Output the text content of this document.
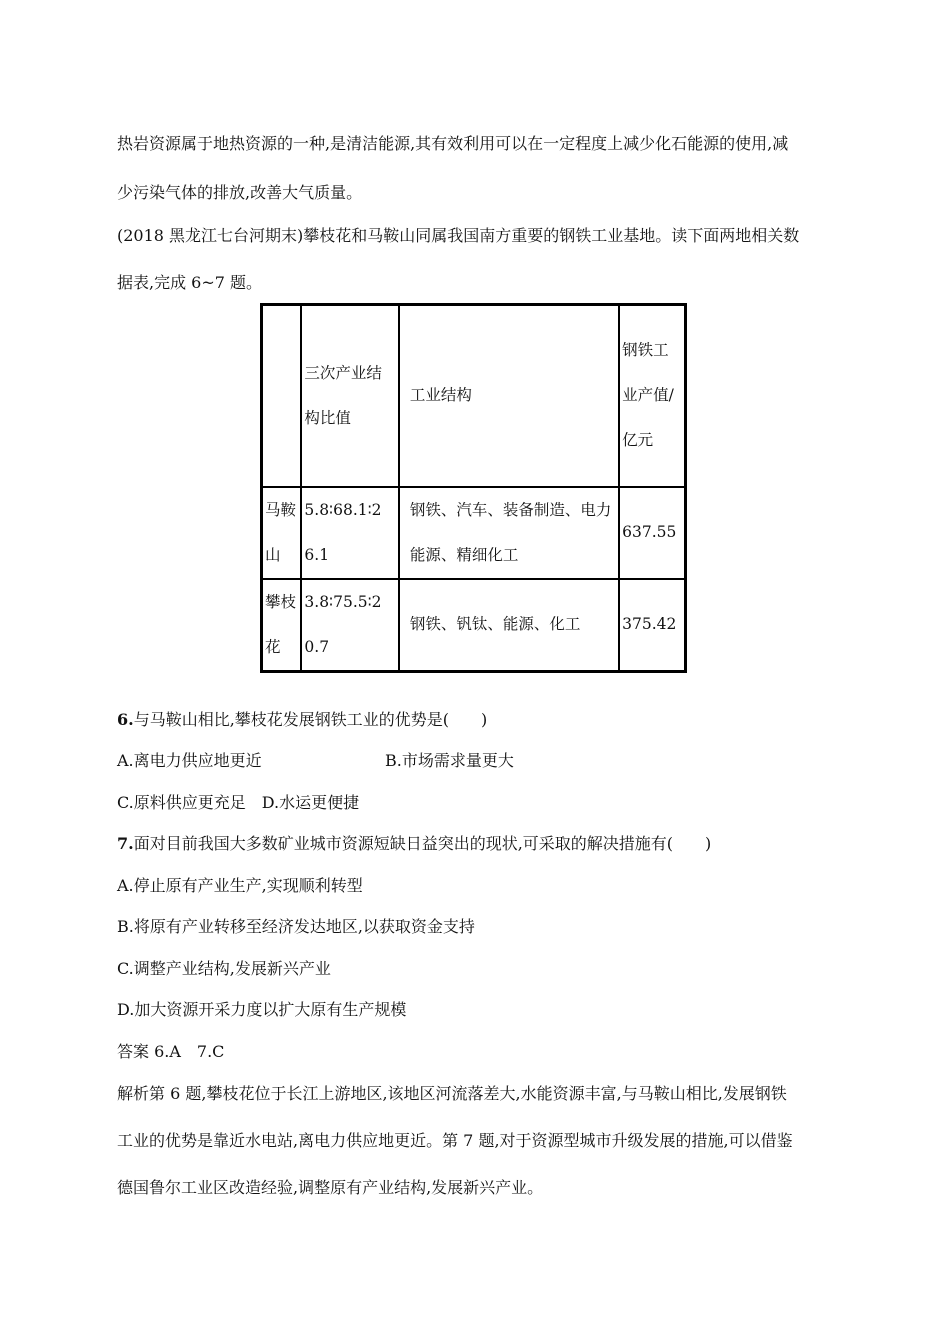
热岩资源属于地热资源的一种,是清洁能源,其有效利用可以在一定程度上减少化石能源的使用,减
少污染气体的排放,改善大气质量。
(2018 黑龙江七台河期末)攀枝花和马鞍山同属我国南方重要的钢铁工业基地。读下面两地相关数
据表,完成 6~7 题。
	三次产业结构比值	工业结构	钢铁工业产值/亿元
马鞍山	5.8∶68.1∶26.1	钢铁、汽车、装备制造、电力能源、精细化工	637.55
攀枝花	3.8∶75.5∶20.7	钢铁、钒钛、能源、化工	375.42
6.与马鞍山相比,攀枝花发展钢铁工业的优势是(　　)
A.离电力供应地更近	B.市场需求量更大
C.原料供应更充足　D.水运更便捷
7.面对目前我国大多数矿业城市资源短缺日益突出的现状,可采取的解决措施有(　　)
A.停止原有产业生产,实现顺利转型
B.将原有产业转移至经济发达地区,以获取资金支持
C.调整产业结构,发展新兴产业
D.加大资源开采力度以扩大原有生产规模
答案 6.A　7.C
解析第 6 题,攀枝花位于长江上游地区,该地区河流落差大,水能资源丰富,与马鞍山相比,发展钢铁
工业的优势是靠近水电站,离电力供应地更近。第 7 题,对于资源型城市升级发展的措施,可以借鉴
德国鲁尔工业区改造经验,调整原有产业结构,发展新兴产业。
